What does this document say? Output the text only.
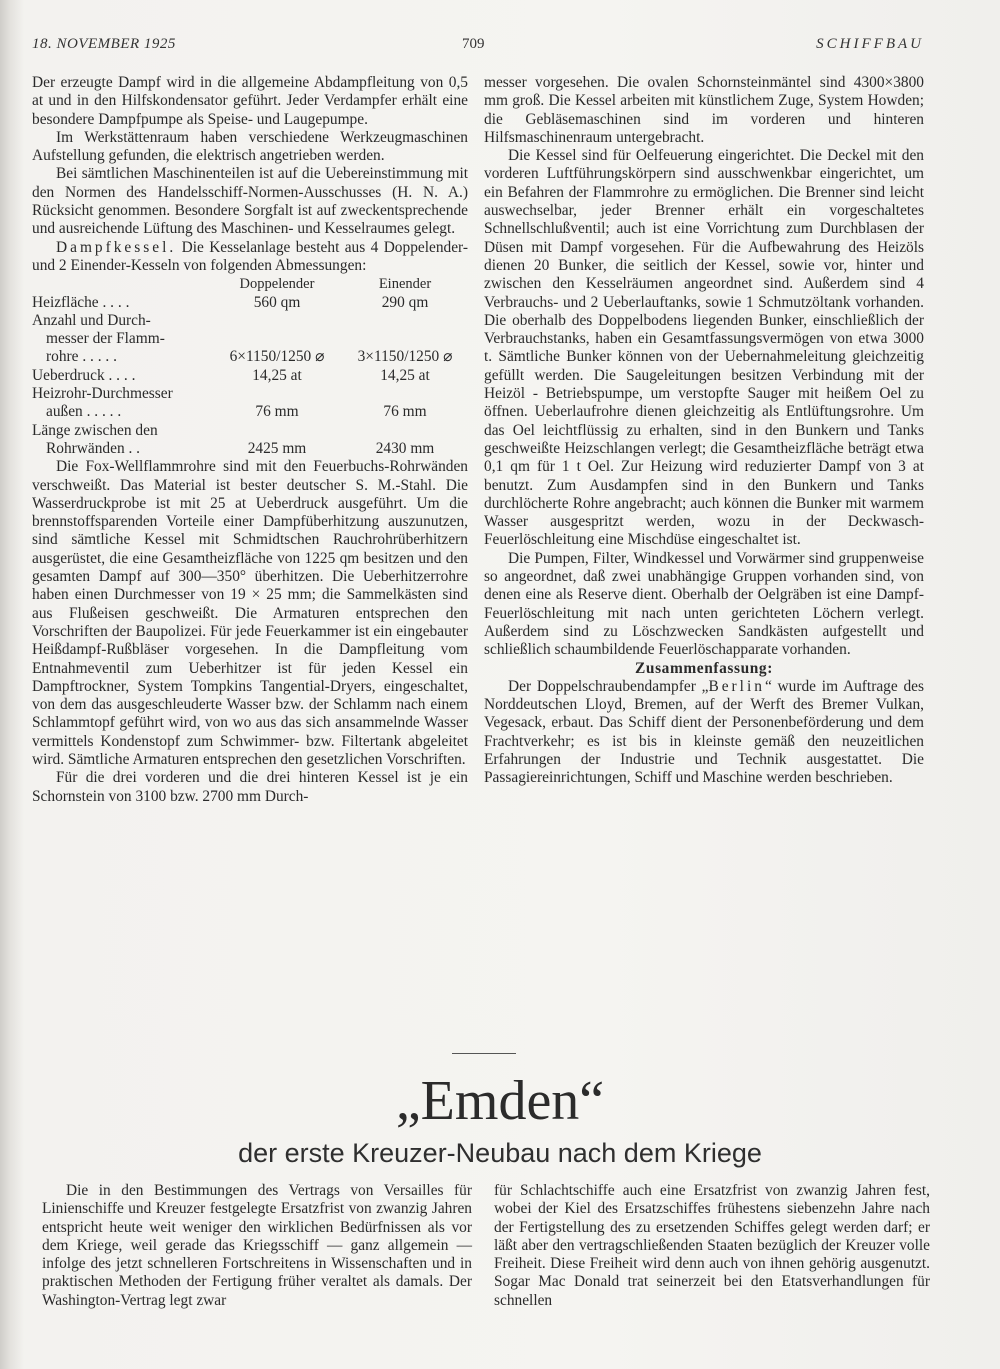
18. NOVEMBER 1925	709	SCHIFFBAU

Der erzeugte Dampf wird in die allgemeine Abdampfleitung von 0,5 at und in den Hilfskondensator geführt. Jeder Verdampfer erhält eine besondere Dampfpumpe als Speise- und Laugepumpe.

Im Werkstättenraum haben verschiedene Werkzeugmaschinen Aufstellung gefunden, die elektrisch angetrieben werden.

Bei sämtlichen Maschinenteilen ist auf die Uebereinstimmung mit den Normen des Handelsschiff-Normen-Ausschusses (H. N. A.) Rücksicht genommen. Besondere Sorgfalt ist auf zweckentsprechende und ausreichende Lüftung des Maschinen- und Kesselraumes gelegt.

Dampfkessel. Die Kesselanlage besteht aus 4 Doppelender- und 2 Einender-Kesseln von folgenden Abmessungen:

	Doppelender	Einender
Heizfläche . . . .	560 qm	290 qm

Anzahl und Durch-
messer der Flamm- rohre . . . . .	6×1150/1250 ⌀	3×1150/1250 ⌀
Ueberdruck . . . .	14,25 at	14,25 at

Heizrohr-Durchmesser
außen . . . . .	76 mm	76 mm

Länge zwischen den
Rohrwänden . .	2425 mm	2430 mm

Die Fox-Wellflammrohre sind mit den Feuerbuchs-Rohrwänden verschweißt. Das Material ist bester deutscher S. M.-Stahl. Die Wasserdruckprobe ist mit 25 at Ueberdruck ausgeführt. Um die brennstoffsparenden Vorteile einer Dampfüberhitzung auszunutzen, sind sämtliche Kessel mit Schmidtschen Rauchrohrüberhitzern ausgerüstet, die eine Gesamtheizfläche von 1225 qm besitzen und den gesamten Dampf auf 300—350° überhitzen. Die Ueberhitzerrohre haben einen Durchmesser von 19 × 25 mm; die Sammelkästen sind aus Flußeisen geschweißt. Die Armaturen entsprechen den Vorschriften der Baupolizei. Für jede Feuerkammer ist ein eingebauter Heißdampf-Rußbläser vorgesehen. In die Dampfleitung vom Entnahmeventil zum Ueberhitzer ist für jeden Kessel ein Dampftrockner, System Tompkins Tangential-Dryers, eingeschaltet, von dem das ausgeschleuderte Wasser bzw. der Schlamm nach einem Schlammtopf geführt wird, von wo aus das sich ansammelnde Wasser vermittels Kondenstopf zum Schwimmer- bzw. Filtertank abgeleitet wird. Sämtliche Armaturen entsprechen den gesetzlichen Vorschriften.

Für die drei vorderen und die drei hinteren Kessel ist je ein Schornstein von 3100 bzw. 2700 mm Durch-

messer vorgesehen. Die ovalen Schornsteinmäntel sind 4300×3800 mm groß. Die Kessel arbeiten mit künstlichem Zuge, System Howden; die Gebläsemaschinen sind im vorderen und hinteren Hilfsmaschinenraum untergebracht.

Die Kessel sind für Oelfeuerung eingerichtet. Die Deckel mit den vorderen Luftführungskörpern sind ausschwenkbar eingerichtet, um ein Befahren der Flammrohre zu ermöglichen. Die Brenner sind leicht auswechselbar, jeder Brenner erhält ein vorgeschaltetes Schnellschlußventil; auch ist eine Vorrichtung zum Durchblasen der Düsen mit Dampf vorgesehen. Für die Aufbewahrung des Heizöls dienen 20 Bunker, die seitlich der Kessel, sowie vor, hinter und zwischen den Kesselräumen angeordnet sind. Außerdem sind 4 Verbrauchs- und 2 Ueberlauftanks, sowie 1 Schmutzöltank vorhanden. Die oberhalb des Doppelbodens liegenden Bunker, einschließlich der Verbrauchstanks, haben ein Gesamtfassungsvermögen von etwa 3000 t. Sämtliche Bunker können von der Uebernahmeleitung gleichzeitig gefüllt werden. Die Saugeleitungen besitzen Verbindung mit der Heizöl - Betriebspumpe, um verstopfte Sauger mit heißem Oel zu öffnen. Ueberlaufrohre dienen gleichzeitig als Entlüftungsrohre. Um das Oel leichtflüssig zu erhalten, sind in den Bunkern und Tanks geschweißte Heizschlangen verlegt; die Gesamtheizfläche beträgt etwa 0,1 qm für 1 t Oel. Zur Heizung wird reduzierter Dampf von 3 at benutzt. Zum Ausdampfen sind in den Bunkern und Tanks durchlöcherte Rohre angebracht; auch können die Bunker mit warmem Wasser ausgespritzt werden, wozu in der Deckwasch-Feuerlöschleitung eine Mischdüse eingeschaltet ist.

Die Pumpen, Filter, Windkessel und Vorwärmer sind gruppenweise so angeordnet, daß zwei unabhängige Gruppen vorhanden sind, von denen eine als Reserve dient. Oberhalb der Oelgräben ist eine Dampf-Feuerlöschleitung mit nach unten gerichteten Löchern verlegt. Außerdem sind zu Löschzwecken Sandkästen aufgestellt und schließlich schaumbildende Feuerlöschapparate vorhanden.

Zusammenfassung:

Der Doppelschraubendampfer „Berlin“ wurde im Auftrage des Norddeutschen Lloyd, Bremen, auf der Werft des Bremer Vulkan, Vegesack, erbaut. Das Schiff dient der Personenbeförderung und dem Frachtverkehr; es ist bis in kleinste gemäß den neuzeitlichen Erfahrungen der Industrie und Technik ausgestattet. Die Passagiereinrichtungen, Schiff und Maschine werden beschrieben.

„Emden“
der erste Kreuzer-Neubau nach dem Kriege

Die in den Bestimmungen des Vertrags von Versailles für Linienschiffe und Kreuzer festgelegte Ersatzfrist von zwanzig Jahren entspricht heute weit weniger den wirklichen Bedürfnissen als vor dem Kriege, weil gerade das Kriegsschiff — ganz allgemein — infolge des jetzt schnelleren Fortschreitens in Wissenschaften und in praktischen Methoden der Fertigung früher veraltet als damals. Der Washington-Vertrag legt zwar

für Schlachtschiffe auch eine Ersatzfrist von zwanzig Jahren fest, wobei der Kiel des Ersatzschiffes frühestens siebenzehn Jahre nach der Fertigstellung des zu ersetzenden Schiffes gelegt werden darf; er läßt aber den vertragschließenden Staaten bezüglich der Kreuzer volle Freiheit. Diese Freiheit wird denn auch von ihnen gehörig ausgenutzt. Sogar Mac Donald trat seinerzeit bei den Etatsverhandlungen für schnellen
